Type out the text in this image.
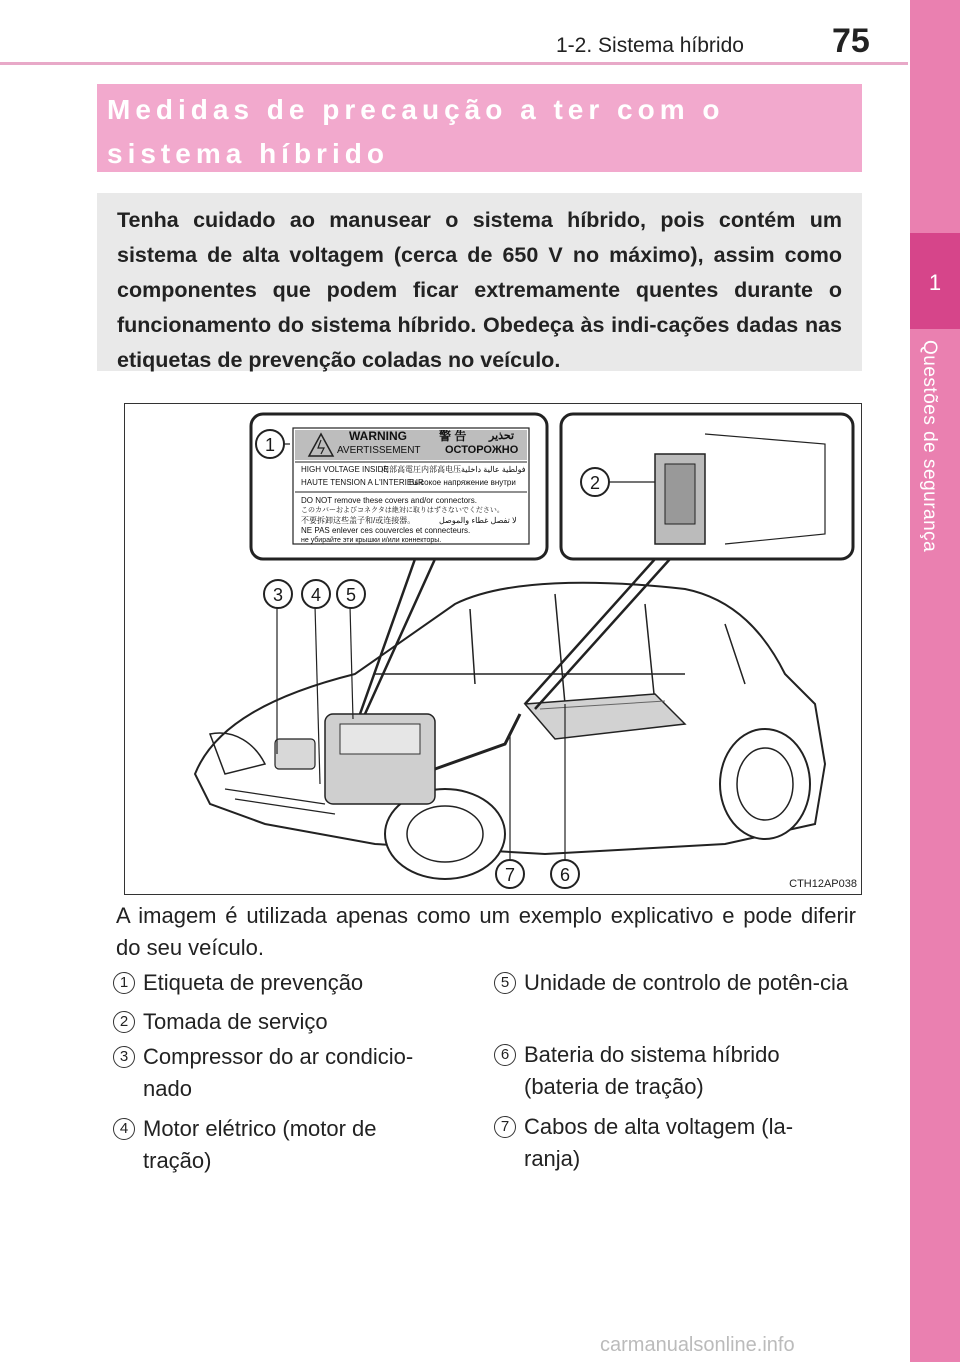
1-2. Sistema híbrido	75
1
Questões de segurança
Medidas de precaução a ter com o sistema híbrido
Tenha cuidado ao manusear o sistema híbrido, pois contém um sistema de alta voltagem (cerca de 650 V no máximo), assim como componentes que podem ficar extremamente quentes durante o funcionamento do sistema híbrido. Obedeça às indi-cações dadas nas etiquetas de prevenção coladas no veículo.
1
2
3	4	5
6
7
WARNING	警 告 تحذير
AVERTISSEMENT ОСТОРОЖНО
HIGH VOLTAGE INSIDE
内部高電圧 内部高电压 فولطية عالية داخلية
HAUTE TENSION A L'INTERIEUR
Высокое напряжение внутри
DO NOT remove these covers and/or connectors.
このカバーおよびコネクタは絶対に取りはずさないでください。
不要拆卸这些盖子和/或连接器。	لا تفصل غطاء والموصل
NE PAS enlever ces couvercles et connecteurs.
не убирайте эти крышки и/или коннекторы.
CTH12AP038
A imagem é utilizada apenas como um exemplo explicativo e pode diferir do seu veículo.
1 Etiqueta de prevenção
2 Tomada de serviço
3 Compressor do ar condicio-nado
4 Motor elétrico (motor de tração)
5 Unidade de controlo de potên-cia
6 Bateria do sistema híbrido (bateria de tração)
7 Cabos de alta voltagem (la-ranja)
carmanualsonline.info
